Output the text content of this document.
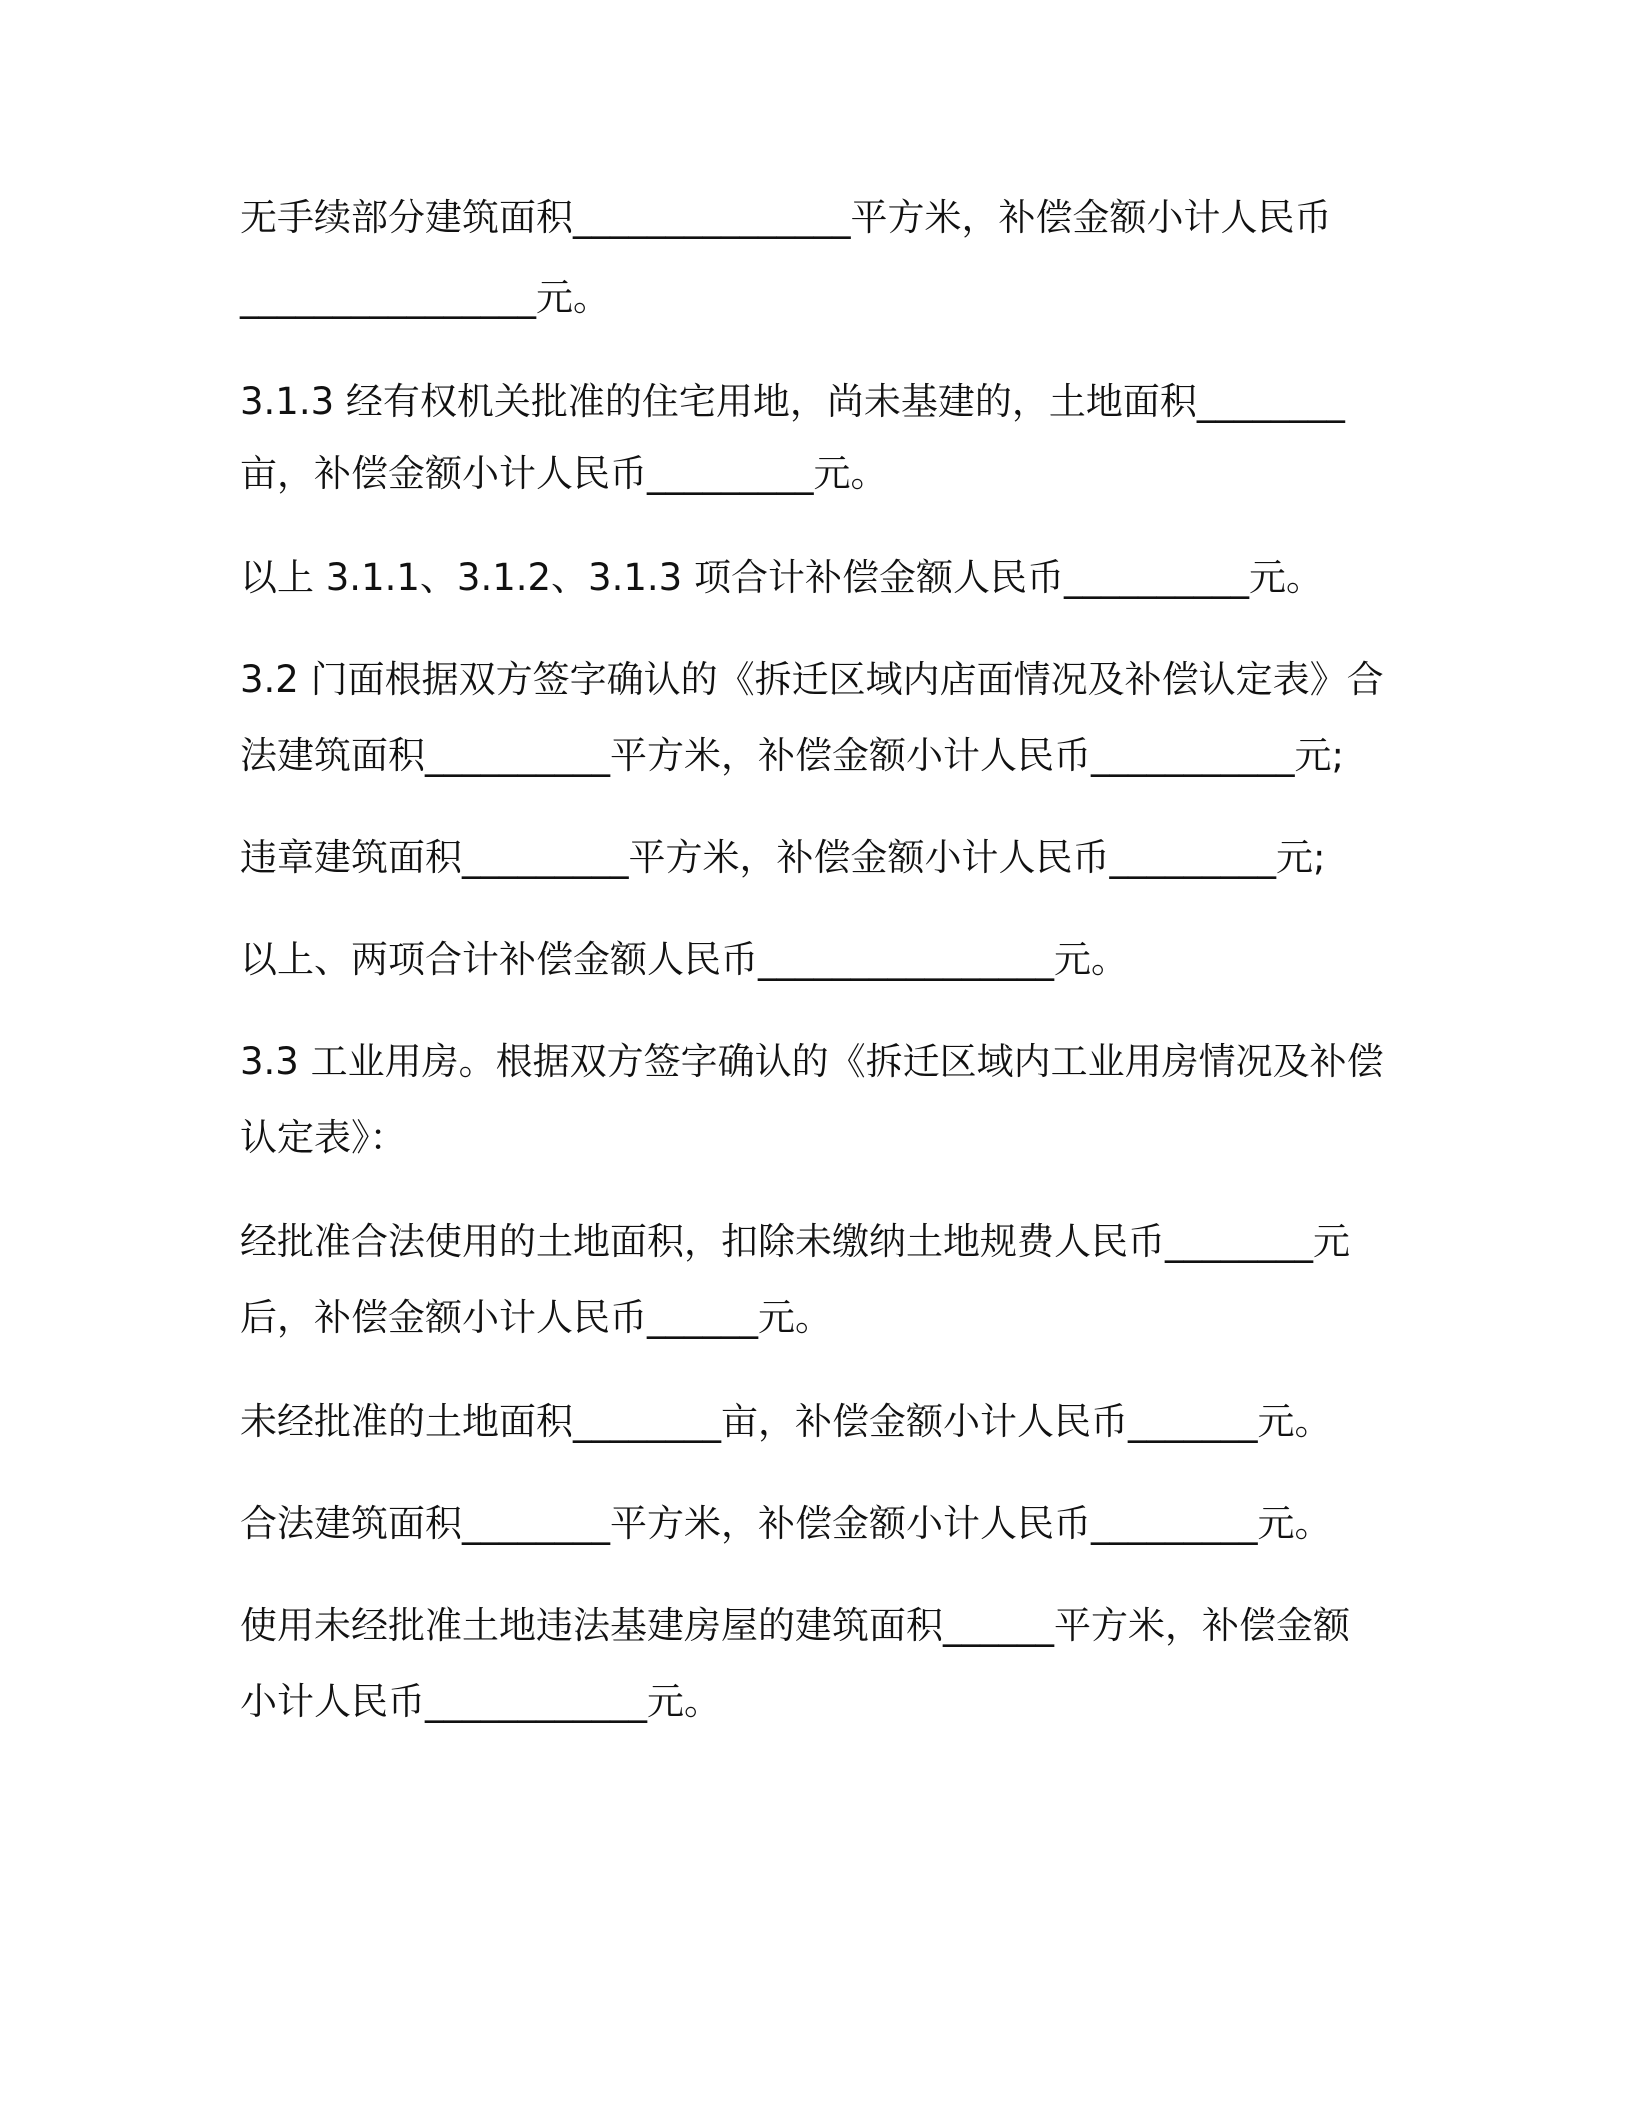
无手续部分建筑面积_______________平方米，补偿金额小计人民币
________________元。
3.1.3 经有权机关批准的住宅用地，尚未基建的，土地面积________
亩，补偿金额小计人民币_________元。
以上 3.1.1、3.1.2、3.1.3 项合计补偿金额人民币__________元。
3.2 门面根据双方签字确认的《拆迁区域内店面情况及补偿认定表》合
法建筑面积__________平方米，补偿金额小计人民币___________元;
违章建筑面积_________平方米，补偿金额小计人民币_________元;
以上、两项合计补偿金额人民币________________元。
3.3 工业用房。根据双方签字确认的《拆迁区域内工业用房情况及补偿
认定表》：
经批准合法使用的土地面积，扣除未缴纳土地规费人民币________元
后，补偿金额小计人民币______元。
未经批准的土地面积________亩，补偿金额小计人民币_______元。
合法建筑面积________平方米，补偿金额小计人民币_________元。
使用未经批准土地违法基建房屋的建筑面积______平方米，补偿金额
小计人民币____________元。
